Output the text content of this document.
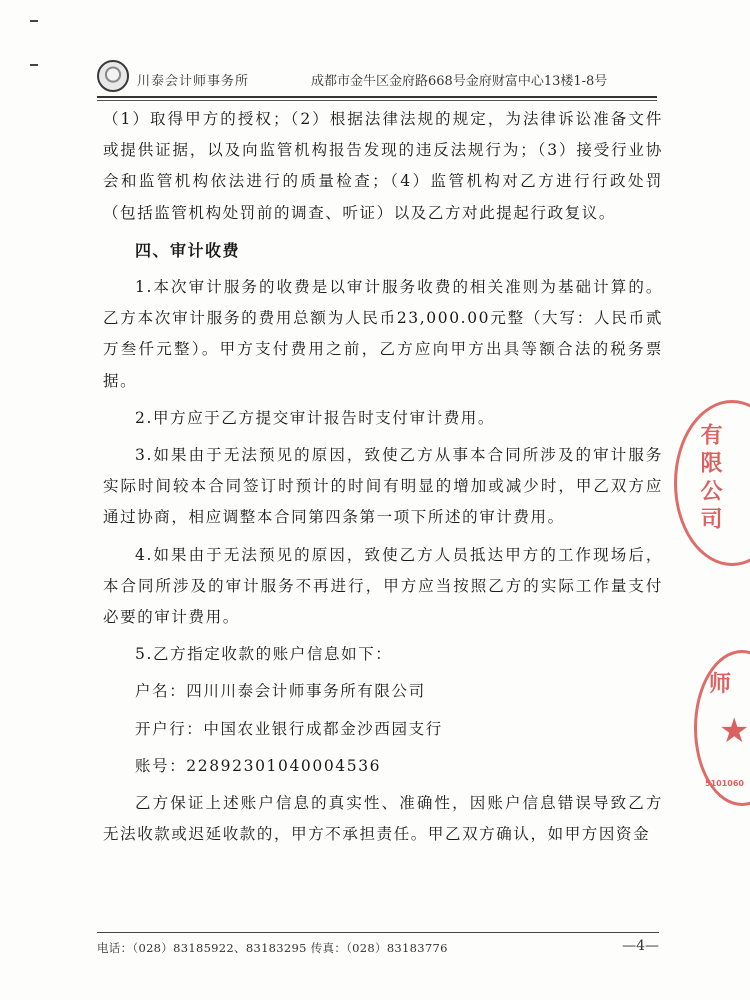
川泰会计师事务所	成都市金牛区金府路668号金府财富中心13楼1-8号

（1）取得甲方的授权；（2）根据法律法规的规定，为法律诉讼准备文件或提供证据，以及向监管机构报告发现的违反法规行为；（3）接受行业协会和监管机构依法进行的质量检查；（4）监管机构对乙方进行行政处罚（包括监管机构处罚前的调查、听证）以及乙方对此提起行政复议。

四、审计收费

1.本次审计服务的收费是以审计服务收费的相关准则为基础计算的。乙方本次审计服务的费用总额为人民币23,000.00元整（大写：人民币贰万叁仟元整）。甲方支付费用之前，乙方应向甲方出具等额合法的税务票据。

2.甲方应于乙方提交审计报告时支付审计费用。

3.如果由于无法预见的原因，致使乙方从事本合同所涉及的审计服务实际时间较本合同签订时预计的时间有明显的增加或减少时，甲乙双方应通过协商，相应调整本合同第四条第一项下所述的审计费用。

4.如果由于无法预见的原因，致使乙方人员抵达甲方的工作现场后，本合同所涉及的审计服务不再进行，甲方应当按照乙方的实际工作量支付必要的审计费用。

5.乙方指定收款的账户信息如下：

户名：四川川泰会计师事务所有限公司

开户行：中国农业银行成都金沙西园支行

账号：22892301040004536

乙方保证上述账户信息的真实性、准确性，因账户信息错误导致乙方无法收款或迟延收款的，甲方不承担责任。甲乙双方确认，如甲方因资金

电话：（028）83185922、83183295 传真：（028）83183776	—4—
有限公司
师
★
5101060
